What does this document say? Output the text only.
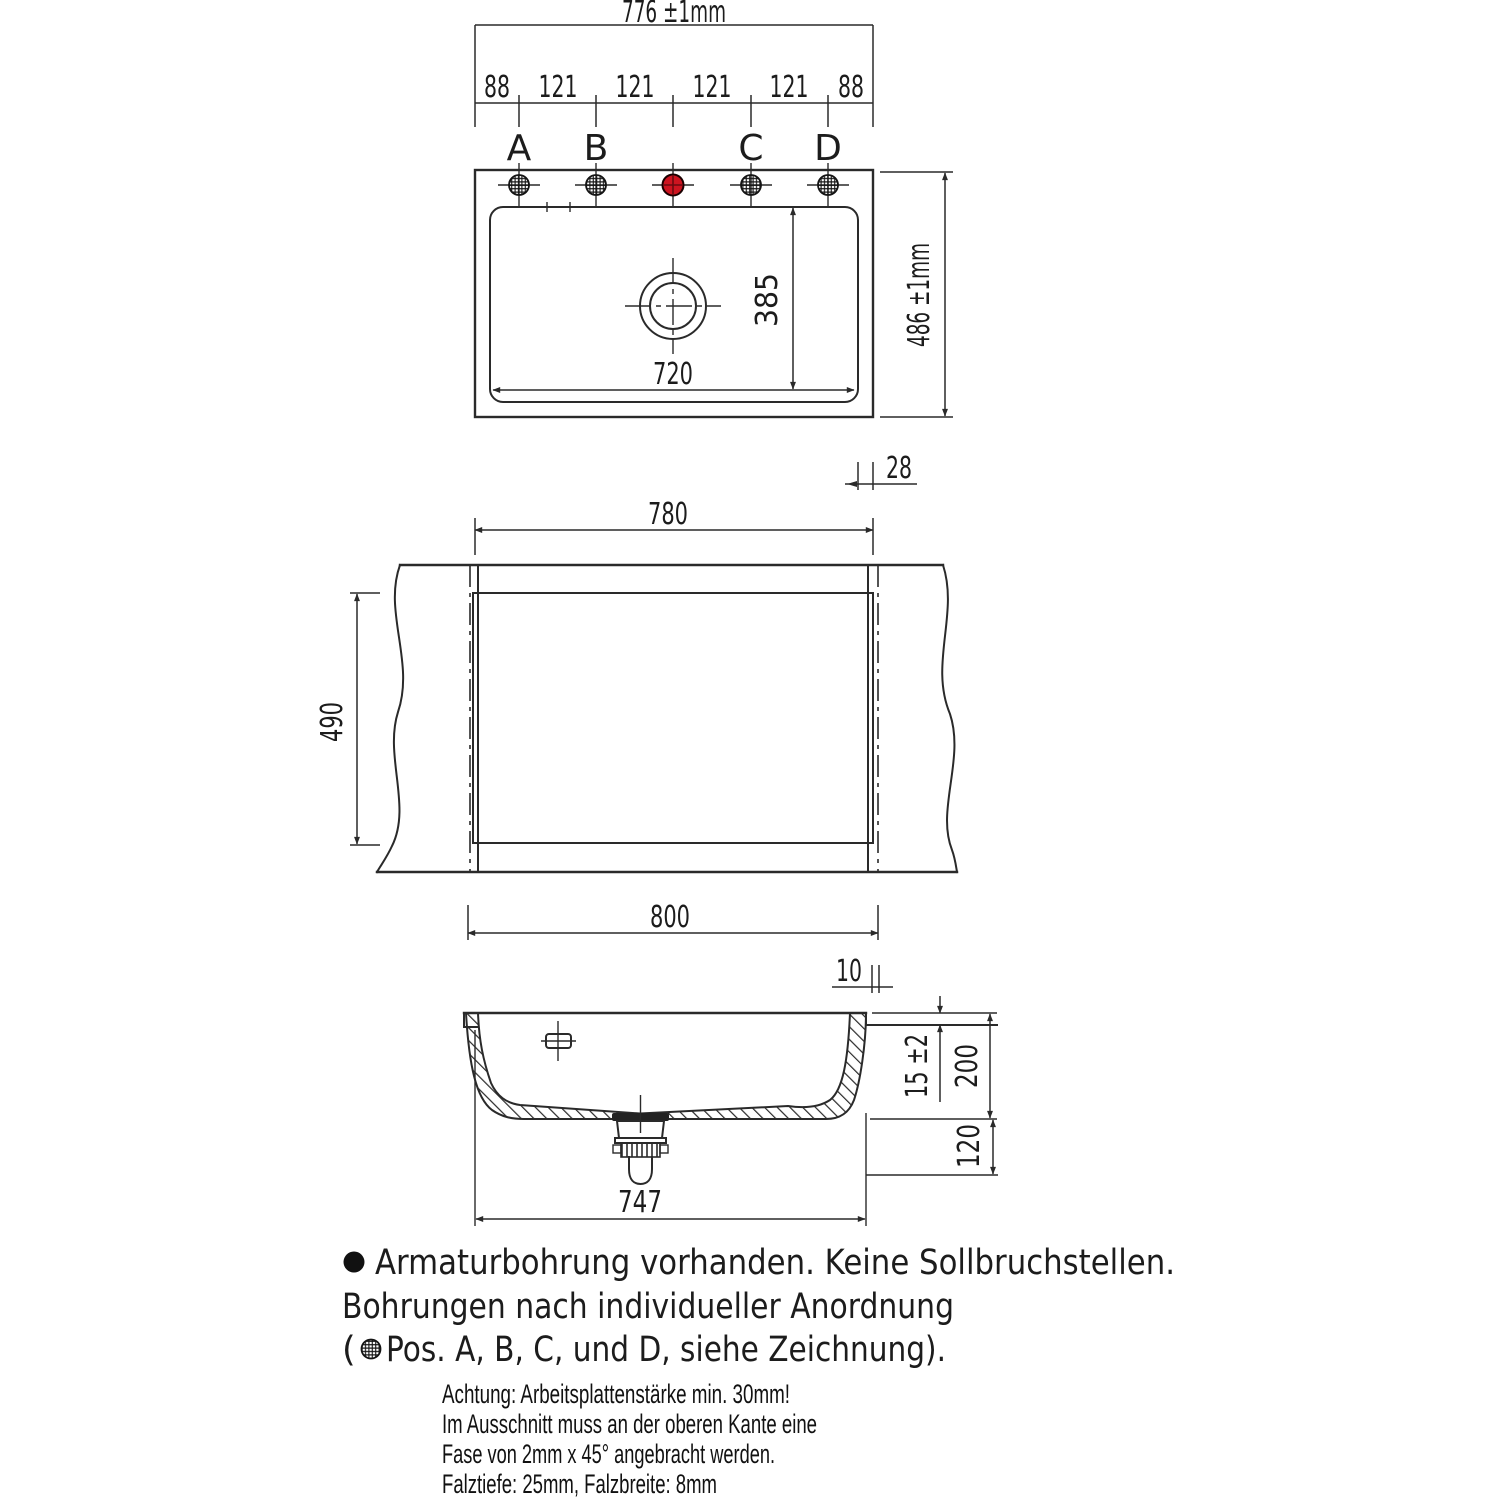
776 ±1mm
88 121 121 121 121 88
A B	C D
720
385	486 ±1mm
28
780
490
800
10
15 ±2 200
120
747
Armaturbohrung vorhanden. Keine Sollbruchstellen.
Bohrungen nach individueller Anordnung
( Pos. A, B, C, und D, siehe Zeichnung).
Achtung: Arbeitsplattenstärke min. 30mm!
Im Ausschnitt muss an der oberen Kante eine
Fase von 2mm x 45° angebracht werden.
Falztiefe: 25mm, Falzbreite: 8mm
